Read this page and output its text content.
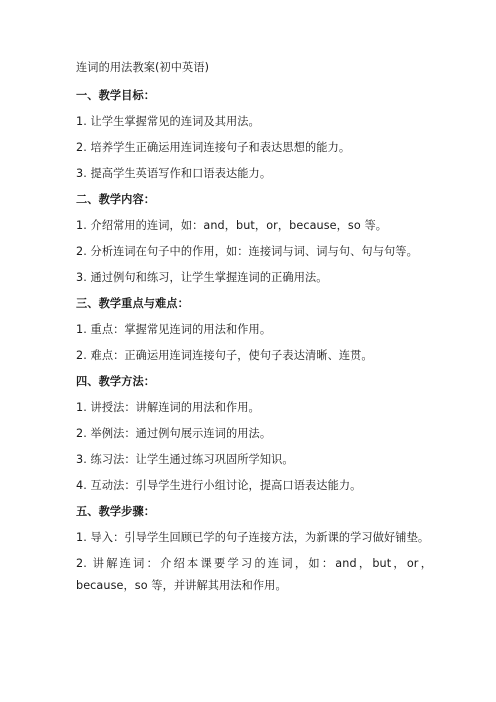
连词的用法教案(初中英语)
一、教学目标：
1. 让学生掌握常见的连词及其用法。
2. 培养学生正确运用连词连接句子和表达思想的能力。
3. 提高学生英语写作和口语表达能力。
二、教学内容：
1. 介绍常用的连词，如：and，but，or，because，so 等。
2. 分析连词在句子中的作用，如：连接词与词、词与句、句与句等。
3. 通过例句和练习，让学生掌握连词的正确用法。
三、教学重点与难点：
1. 重点：掌握常见连词的用法和作用。
2. 难点：正确运用连词连接句子，使句子表达清晰、连贯。
四、教学方法：
1. 讲授法：讲解连词的用法和作用。
2. 举例法：通过例句展示连词的用法。
3. 练习法：让学生通过练习巩固所学知识。
4. 互动法：引导学生进行小组讨论，提高口语表达能力。
五、教学步骤：
1. 导入：引导学生回顾已学的句子连接方法，为新课的学习做好铺垫。
2. 讲解连词：介绍本课要学习的连词，如：and，but，or，because，so 等，并讲解其用法和作用。
